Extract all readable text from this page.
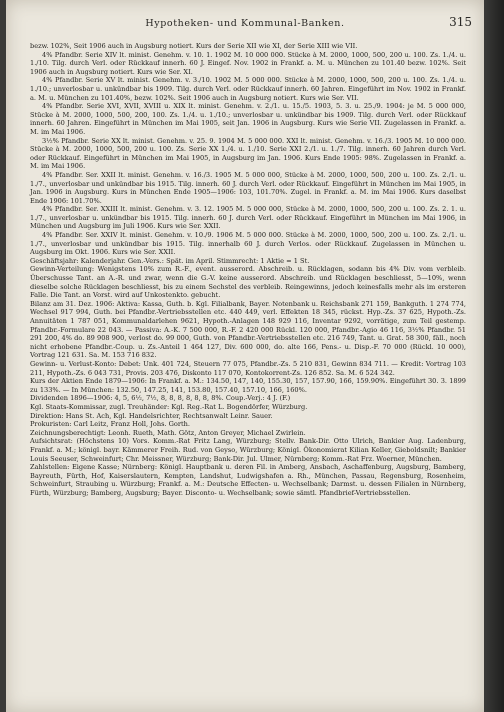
Hypotheken- und Kommunal-Banken.	315

bezw. 102%, Seit 1906 auch in Augsburg notiert. Kurs der Serie XII wie XI, der Serie XIII wie VII.

4% Pfandbr. Serie XIV lt. minist. Genehm. v. 10. 1. 1902 M. 10 000 000. Stücke à M. 2000, 1000, 500, 200 u. 100. Zs. 1./4. u. 1./10. Tilg. durch Verl. oder Rückkauf innerh. 60 J. Eingef. Nov. 1902 in Frankf. a. M. u. München zu 101.40 bezw. 102%. Seit 1906 auch in Augsburg notiert. Kurs wie Ser. XI.

4% Pfandbr. Serie XV lt. minist. Genehm. v. 3./10. 1902 M. 5 000 000. Stücke à M. 2000, 1000, 500, 200 u. 100. Zs. 1./4. u. 1./10.; unverlosbar u. unkündbar bis 1909. Tilg. durch Verl. oder Rückkauf innerh. 60 Jahren. Eingeführt im Nov. 1902 in Frankf. a. M. u. München zu 101.40%, bezw. 102%. Seit 1906 auch in Augsburg notiert. Kurs wie Ser. VII.

4% Pfandbr. Serie XVI, XVII, XVIII u. XIX lt. minist. Genehm. v. 2./1. u. 15./5. 1903, 5. 3. u. 25./9. 1904: je M. 5 000 000, Stücke à M. 2000, 1000, 500, 200, 100. Zs. 1./4. u. 1./10.; unverlosbar u. unkündbar bis 1909. Tilg. durch Verl. oder Rückkauf innerh. 60 Jahren. Eingeführt in München im Mai 1905, seit Jan. 1906 in Augsburg. Kurs wie Serie VII. Zugelassen in Frankf. a. M. im Mai 1906.

3½% Pfandbr. Serie XX lt. minist. Genehm. v. 25. 9. 1904 M. 5 000 000. XXI lt. minist. Genehm. v. 16./3. 1905 M. 10 000 000. Stücke à M. 2000, 1000, 500, 200 u. 100. Zs. Serie XX 1./4. u. 1./10. Serie XXI 2./1. u. 1./7. Tilg. innerh. 60 Jahren durch Verl. oder Rückkauf. Eingeführt in München im Mai 1905, in Augsburg im Jan. 1906. Kurs Ende 1905: 98%. Zugelassen in Frankf. a. M. im Mai 1906.

4% Pfandbr. Ser. XXII lt. minist. Genehm. v. 16./3. 1905 M. 5 000 000, Stücke à M. 2000, 1000, 500, 200 u. 100. Zs. 2./1. u. 1./7., unverlosbar und unkündbar bis 1915. Tilg. innerh. 60 J. durch Verl. oder Rückkauf. Eingeführt in München im Mai 1905, in Jan. 1906 in Augsburg. Kurs in München Ende 1905—1906: 103, 101.70%. Zugel. in Frankf. a. M. im Mai 1906. Kurs daselbst Ende 1906: 101.70%.

4% Pfandbr. Ser. XXIII lt. minist. Genehm. v. 3. 12. 1905 M. 5 000 000, Stücke à M. 2000, 1000, 500, 200 u. 100. Zs. 2. 1. u. 1./7., unverlosbar u. unkündbar bis 1915. Tilg. innerh. 60 J. durch Verl. oder Rückkauf. Eingeführt in München im Mai 1906, in München und Augsburg im Juli 1906. Kurs wie Ser. XXII.

4% Pfandbr. Ser. XXIV lt. minist. Genehm. v. 10./9. 1906 M. 5 000 000. Stücke à M. 2000, 1000, 500, 200 u. 100. Zs. 2./1. u. 1./7., unverlosbar und unkündbar bis 1915. Tilg. innerhalb 60 J. durch Verlos. oder Rückkauf. Zugelassen in München u. Augsburg im Okt. 1906. Kurs wie Ser. XXII.

Geschäftsjahr: Kalenderjahr. Gen.-Vers.: Spät. im April. Stimmrecht: 1 Aktie = 1 St.

Gewinn-Verteilung: Wenigstens 10% zum R.-F., event. ausserord. Abschreib. u. Rücklagen, sodann bis 4% Div. vom verbleib. Überschusse Tant. an A.-R. und zwar, wenn die G.-V. keine ausserord. Abschreib. und Rücklagen beschliesst, 5—10%, wenn dieselbe solche Rücklagen beschliesst, bis zu einem Sechstel des verbleib. Reingewinns, jedoch keinesfalls mehr als im ersteren Falle. Die Tant. an Vorst. wird auf Unkostenkto. gebucht.

Bilanz am 31. Dez. 1906: Aktiva: Kassa, Guth. b. Kgl. Filialbank, Bayer. Notenbank u. Reichsbank 271 159, Bankguth. 1 274 774, Wechsel 917 994, Guth. bei Pfandbr.-Vertriebsstellen etc. 440 449, verl. Effekten 18 345, rückst. Hyp.-Zs. 37 625, Hypoth.-Zs. Annuitäten 1 787 051, Kommunaldarlehen 9621, Hypoth.-Anlagen 148 929 116, Inventar 9292, vorrätige, zum Teil gestemp. Pfandbr.-Formulare 22 043. — Passiva: A.-K. 7 500 000, R.-F. 2 420 000 Rückl. 120 000, Pfandbr.-Agio 46 116, 3½% Pfandbr. 51 291 200, 4% do. 89 908 900, verlost do. 99 000, Guth. von Pfandbr.-Vertriebsstellen etc. 216 749, Tant. u. Grat. 58 300, fäll., noch nicht erhobene Pfandbr.-Coup. u. Zs.-Anteil 1 464 127, Div. 600 000, do. alte 166, Pens.- u. Disp.-F. 70 000 (Rückl. 10 000), Vortrag 121 631. Sa. M. 153 716 832.

Gewinn- u. Verlust-Konto: Debet: Unk. 401 724, Steuern 77 075, Pfandbr.-Zs. 5 210 831, Gewinn 834 711. — Kredit: Vortrag 103 211, Hypoth.-Zs. 6 043 731, Provis. 203 476, Diskonto 117 070, Kontokorrent-Zs. 126 852. Sa. M. 6 524 342.

Kurs der Aktien Ende 1879—1906: In Frankf. a. M.: 134.50, 147, 140, 155.30, 157, 157.90, 166, 159.90%. Eingeführt 30. 3. 1899 zu 133%. — In München: 132.50, 147.25, 141, 153.80, 157.40, 157.10, 166, 160%.

Dividenden 1896—1906: 4, 5, 6½, 7½, 8, 8, 8, 8, 8, 8, 8%. Coup.-Verj.: 4 J. (F.)

Kgl. Staats-Kommissar, zugl. Treuhänder: Kgl. Reg.-Rat L. Bogendörfer, Würzburg.

Direktion: Hans St. Ach, Kgl. Handelsrichter, Rechtsanwalt Leinr. Sauer.

Prokuristen: Carl Leitz, Franz Holl, Johs. Gorth.

Zeichnungsberechtigt: Leonh. Rueth, Math. Götz, Anton Greyer, Michael Zwirlein.

Aufsichtsrat: (Höchstens 10) Vors. Komm.-Rat Fritz Lang, Würzburg; Stellv. Bank-Dir. Otto Ulrich, Bankier Aug. Ladenburg, Frankf. a. M.; königl. bayr. Kämmerer Freih. Rud. von Geyso, Würzburg; Königl. Ökonomierat Kilian Keller, Gieboldsnilt; Bankier Louis Seeuser, Schweinfurt; Chr. Meissner, Würzburg; Bank-Dir. Jul. Ulmer, Nürnberg; Komm.-Rat Frz. Woerner, München.

Zahlstellen: Eigene Kasse; Nürnberg: Königl. Hauptbank u. deren Fil. in Amberg, Ansbach, Aschaffenburg, Augsburg, Bamberg, Bayreuth, Fürth, Hof, Kaiserslautern, Kempten, Landshut, Ludwigshafen a. Rh., München, Passau, Regensburg, Rosenheim, Schweinfurt, Straubing u. Würzburg; Frankf. a. M.: Deutsche Effecten- u. Wechselbank; Darmst. u. dessen Filialen in Nürnberg, Fürth, Würzburg; Bamberg, Augsburg; Bayer. Disconto- u. Wechselbank; sowie sämtl. Pfandbrief-Vertriebsstellen.
